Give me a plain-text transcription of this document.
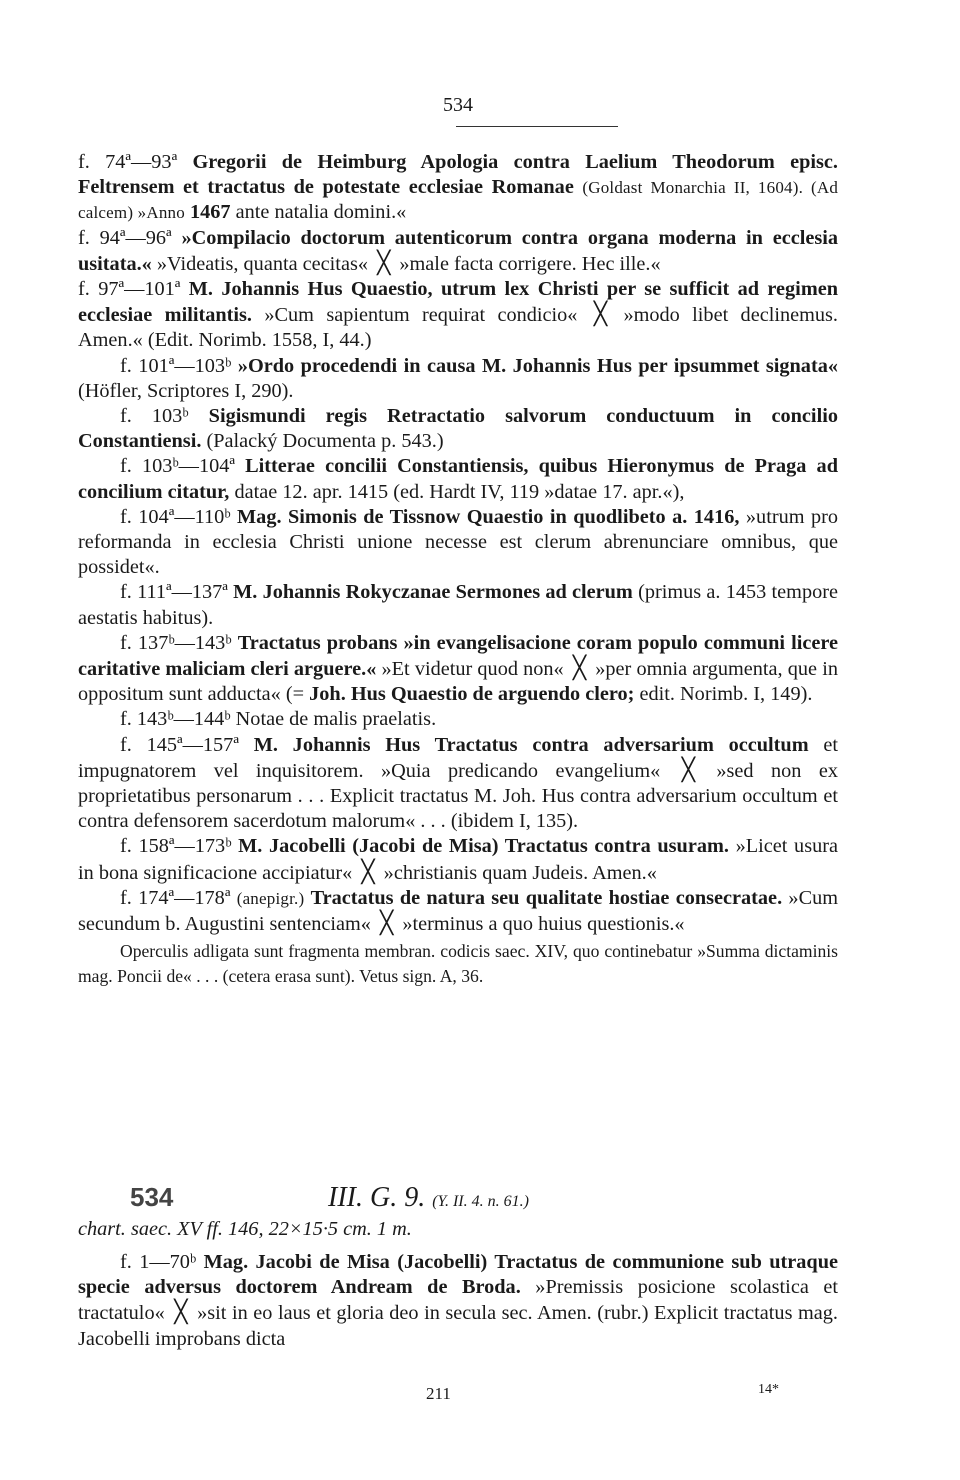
534

f. 74ª—93ª Gregorii de Heimburg Apologia contra Laelium Theodorum episc. Feltrensem et tractatus de potestate ecclesiae Romanae (Goldast Monarchia II, 1604). (Ad calcem) »Anno 1467 ante natalia domini.«

f. 94ª—96ª »Compilacio doctorum autenticorum contra organa moderna in ecclesia usitata.« »Videatis, quanta cecitas« ╳ »male facta corrigere. Hec ille.«

f. 97ª—101ª M. Johannis Hus Quaestio, utrum lex Christi per se sufficit ad regimen ecclesiae militantis. »Cum sapientum requirat condicio« ╳ »modo libet declinemus. Amen.« (Edit. Norimb. 1558, I, 44.)

f. 101ª—103ᵇ »Ordo procedendi in causa M. Johannis Hus per ipsummet signata« (Höfler, Scriptores I, 290).

f. 103ᵇ Sigismundi regis Retractatio salvorum conductuum in concilio Constantiensi. (Palacký Documenta p. 543.)

f. 103ᵇ—104ª Litterae concilii Constantiensis, quibus Hieronymus de Praga ad concilium citatur, datae 12. apr. 1415 (ed. Hardt IV, 119 »datae 17. apr.«),

f. 104ª—110ᵇ Mag. Simonis de Tissnow Quaestio in quodlibeto a. 1416, »utrum pro reformanda in ecclesia Christi unione necesse est clerum abrenunciare omnibus, que possidet«.

f. 111ª—137ª M. Johannis Rokyczanae Sermones ad clerum (primus a. 1453 tempore aestatis habitus).

f. 137ᵇ—143ᵇ Tractatus probans »in evangelisacione coram populo communi licere caritative maliciam cleri arguere.« »Et videtur quod non« ╳ »per omnia argumenta, que in oppositum sunt adducta« (= Joh. Hus Quaestio de arguendo clero; edit. Norimb. I, 149).

f. 143ᵇ—144ᵇ Notae de malis praelatis.

f. 145ª—157ª M. Johannis Hus Tractatus contra adversarium occultum et impugnatorem vel inquisitorem. »Quia predicando evangelium« ╳ »sed non ex proprietatibus personarum . . . Explicit tractatus M. Joh. Hus contra adversarium occultum et contra defensorem sacerdotum malorum« . . . (ibidem I, 135).

f. 158ª—173ᵇ M. Jacobelli (Jacobi de Misa) Tractatus contra usuram. »Licet usura in bona significacione accipiatur« ╳ »christianis quam Judeis. Amen.«

f. 174ª—178ª (anepigr.) Tractatus de natura seu qualitate hostiae consecratae. »Cum secundum b. Augustini sentenciam« ╳ »terminus a quo huius questionis.«

Operculis adligata sunt fragmenta membran. codicis saec. XIV, quo continebatur »Summa dictaminis mag. Poncii de« . . . (cetera erasa sunt). Vetus sign. A, 36.

534	III. G. 9. (Y. II. 4. n. 61.)
chart. saec. XV ff. 146, 22×15·5 cm. 1 m.

f. 1—70ᵇ Mag. Jacobi de Misa (Jacobelli) Tractatus de communione sub utraque specie adversus doctorem Andream de Broda. »Premissis posicione scolastica et tractatulo« ╳ »sit in eo laus et gloria deo in secula sec. Amen. (rubr.) Explicit tractatus mag. Jacobelli improbans dicta

211	14*
